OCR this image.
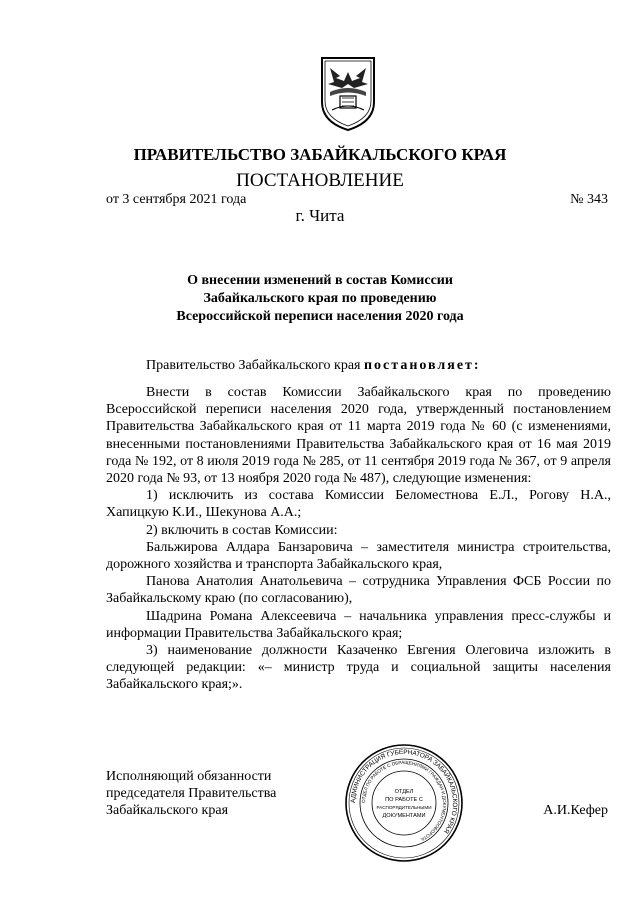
ПРАВИТЕЛЬСТВО ЗАБАЙКАЛЬСКОГО КРАЯ
ПОСТАНОВЛЕНИЕ
от 3 сентября 2021 года	№ 343
г. Чита
О внесении изменений в состав Комиссии
Забайкальского края по проведению
Всероссийской переписи населения 2020 года
Правительство Забайкальского края постановляет:

Внести в состав Комиссии Забайкальского края по проведению Всероссийской переписи населения 2020 года, утвержденный постановлением Правительства Забайкальского края от 11 марта 2019 года № 60 (с изменениями, внесенными постановлениями Правительства Забайкальского края от 16 мая 2019 года № 192, от 8 июля 2019 года № 285, от 11 сентября 2019 года № 367, от 9 апреля 2020 года № 93, от 13 ноября 2020 года № 487), следующие изменения:

1) исключить из состава Комиссии Беломестнова Е.Л., Рогову Н.А., Хапицкую К.И., Шекунова А.А.;

2) включить в состав Комиссии:

Бальжирова Алдара Банзаровича – заместителя министра строительства, дорожного хозяйства и транспорта Забайкальского края,

Панова Анатолия Анатольевича – сотрудника Управления ФСБ России по Забайкальскому краю (по согласованию),

Шадрина Романа Алексеевича – начальника управления пресс-службы и информации Правительства Забайкальского края;

3) наименование должности Казаченко Евгения Олеговича изложить в следующей редакции: «– министр труда и социальной защиты населения Забайкальского края;».

Исполняющий обязанности
председателя Правительства
Забайкальского края
АДМИНИСТРАЦИЯ ГУБЕРНАТОРА ЗАБАЙКАЛЬСКОГО КРАЯ
ОТДЕЛ ПО РАБОТЕ С ОБРАЩЕНИЯМИ ГРАЖДАН И ДОКУМЕНТООБОРОТА
ОТДЕЛ
ПО РАБОТЕ С
РАСПОРЯДИТЕЛЬНЫМИ
ДОКУМЕНТАМИ	А.И.Кефер
